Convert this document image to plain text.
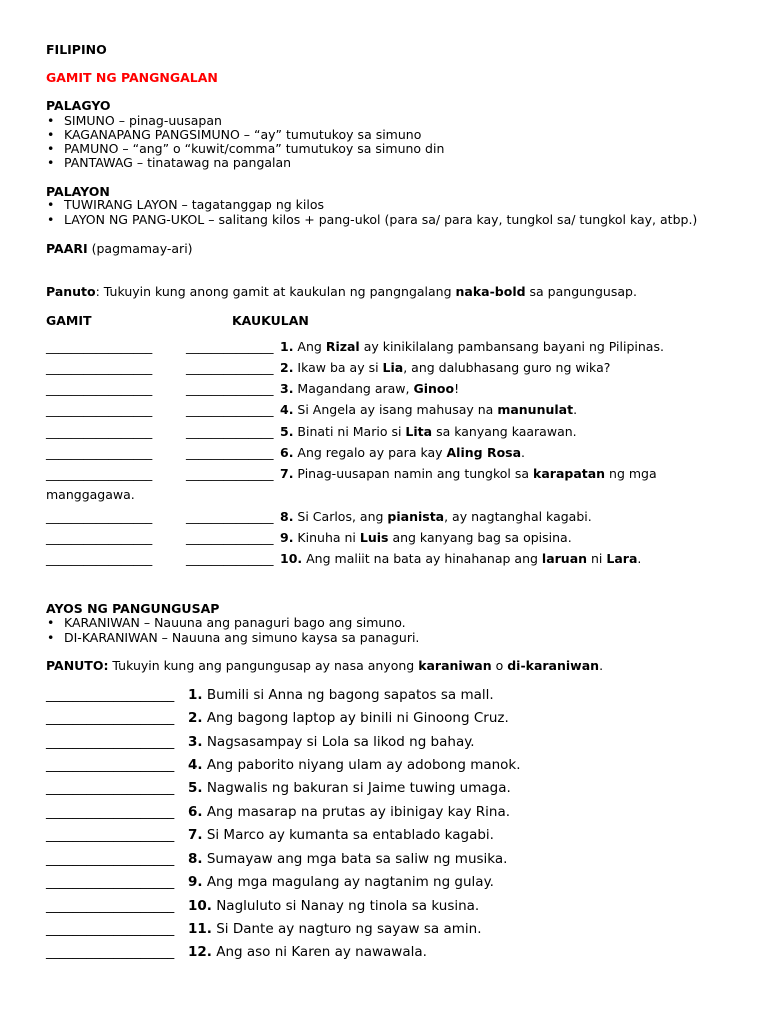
FILIPINO
GAMIT NG PANGNGALAN
PALAGYO
• SIMUNO – pinag-uusapan
• KAGANAPANG PANGSIMUNO – “ay” tumutukoy sa simuno
• PAMUNO – “ang” o “kuwit/comma” tumutukoy sa simuno din
• PANTAWAG – tinatawag na pangalan
PALAYON
• TUWIRANG LAYON – tagatanggap ng kilos
• LAYON NG PANG-UKOL – salitang kilos + pang-ukol (para sa/ para kay, tungkol sa/ tungkol kay, atbp.)
PAARI (pagmamay-ari)
Panuto: Tukuyin kung anong gamit at kaukulan ng pangngalang naka-bold sa pangungusap.
GAMIT	KAUKULAN
_________________	______________ 1. Ang Rizal ay kinikilalang pambansang bayani ng Pilipinas.
_________________	______________ 2. Ikaw ba ay si Lia, ang dalubhasang guro ng wika?
_________________	______________ 3. Magandang araw, Ginoo!
_________________	______________ 4. Si Angela ay isang mahusay na manunulat.
_________________	______________ 5. Binati ni Mario si Lita sa kanyang kaarawan.
_________________	______________ 6. Ang regalo ay para kay Aling Rosa.
_________________	______________ 7. Pinag-uusapan namin ang tungkol sa karapatan ng mga
manggagawa.
_________________	______________ 8. Si Carlos, ang pianista, ay nagtanghal kagabi.
_________________	______________ 9. Kinuha ni Luis ang kanyang bag sa opisina.
_________________	______________ 10. Ang maliit na bata ay hinahanap ang laruan ni Lara.
AYOS NG PANGUNGUSAP
• KARANIWAN – Nauuna ang panaguri bago ang simuno.
• DI-KARANIWAN – Nauuna ang simuno kaysa sa panaguri.
PANUTO: Tukuyin kung ang pangungusap ay nasa anyong karaniwan o di-karaniwan.
___________________ 1. Bumili si Anna ng bagong sapatos sa mall.
___________________ 2. Ang bagong laptop ay binili ni Ginoong Cruz.
___________________ 3. Nagsasampay si Lola sa likod ng bahay.
___________________ 4. Ang paborito niyang ulam ay adobong manok.
___________________ 5. Nagwalis ng bakuran si Jaime tuwing umaga.
___________________ 6. Ang masarap na prutas ay ibinigay kay Rina.
___________________ 7. Si Marco ay kumanta sa entablado kagabi.
___________________ 8. Sumayaw ang mga bata sa saliw ng musika.
___________________ 9. Ang mga magulang ay nagtanim ng gulay.
___________________ 10. Nagluluto si Nanay ng tinola sa kusina.
___________________ 11. Si Dante ay nagturo ng sayaw sa amin.
___________________ 12. Ang aso ni Karen ay nawawala.
